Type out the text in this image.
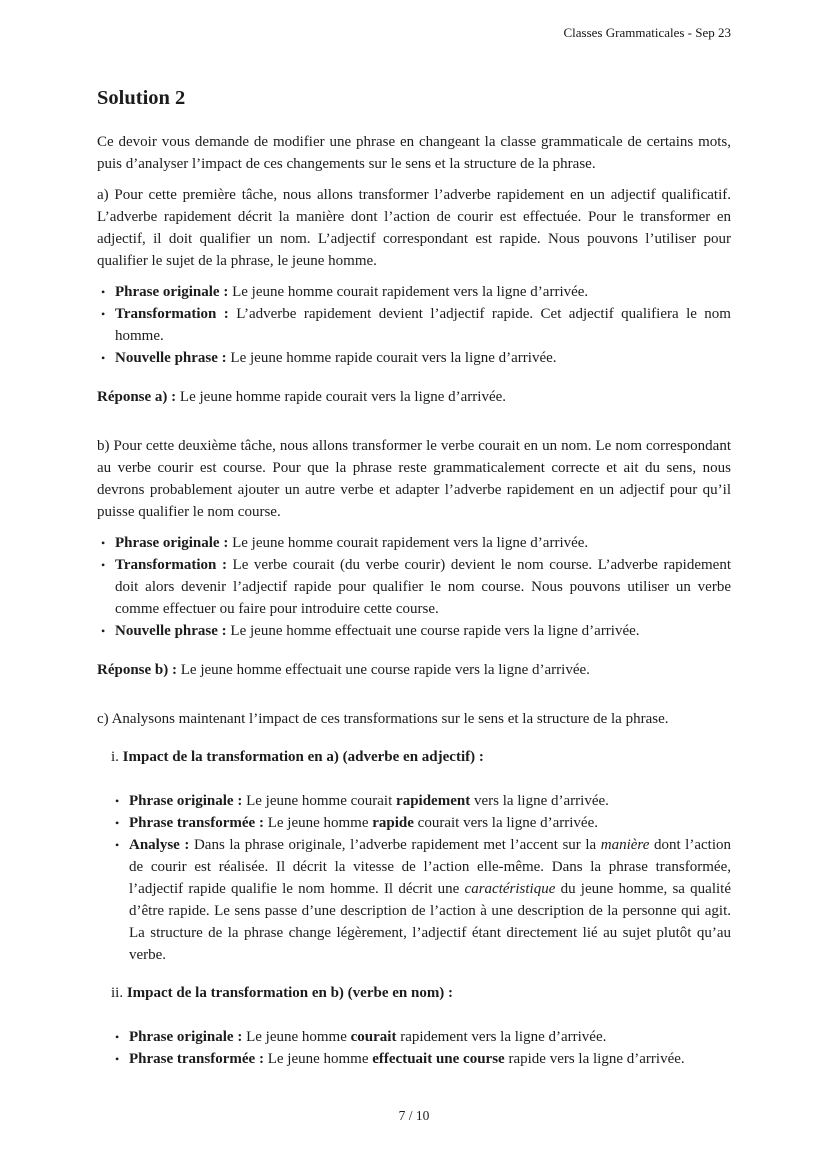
Classes Grammaticales - Sep 23
Solution 2

Ce devoir vous demande de modifier une phrase en changeant la classe grammaticale de certains mots, puis d’analyser l’impact de ces changements sur le sens et la structure de la phrase.

a) Pour cette première tâche, nous allons transformer l’adverbe rapidement en un adjectif qualificatif. L’adverbe rapidement décrit la manière dont l’action de courir est effectuée. Pour le transformer en adjectif, il doit qualifier un nom. L’adjectif correspondant est rapide. Nous pouvons l’utiliser pour qualifier le sujet de la phrase, le jeune homme.

• Phrase originale : Le jeune homme courait rapidement vers la ligne d’arrivée.
• Transformation : L’adverbe rapidement devient l’adjectif rapide. Cet adjectif qualifiera le nom homme.
• Nouvelle phrase : Le jeune homme rapide courait vers la ligne d’arrivée.

Réponse a) : Le jeune homme rapide courait vers la ligne d’arrivée.

b) Pour cette deuxième tâche, nous allons transformer le verbe courait en un nom. Le nom correspondant au verbe courir est course. Pour que la phrase reste grammaticalement correcte et ait du sens, nous devrons probablement ajouter un autre verbe et adapter l’adverbe rapidement en un adjectif pour qu’il puisse qualifier le nom course.

• Phrase originale : Le jeune homme courait rapidement vers la ligne d’arrivée.
• Transformation : Le verbe courait (du verbe courir) devient le nom course. L’adverbe rapidement doit alors devenir l’adjectif rapide pour qualifier le nom course. Nous pouvons utiliser un verbe comme effectuer ou faire pour introduire cette course.
• Nouvelle phrase : Le jeune homme effectuait une course rapide vers la ligne d’arrivée.

Réponse b) : Le jeune homme effectuait une course rapide vers la ligne d’arrivée.

c) Analysons maintenant l’impact de ces transformations sur le sens et la structure de la phrase.

i. Impact de la transformation en a) (adverbe en adjectif) :

• Phrase originale : Le jeune homme courait rapidement vers la ligne d’arrivée.
• Phrase transformée : Le jeune homme rapide courait vers la ligne d’arrivée.
• Analyse : Dans la phrase originale, l’adverbe rapidement met l’accent sur la manière dont l’action de courir est réalisée. Il décrit la vitesse de l’action elle-même. Dans la phrase transformée, l’adjectif rapide qualifie le nom homme. Il décrit une caractéristique du jeune homme, sa qualité d’être rapide. Le sens passe d’une description de l’action à une description de la personne qui agit. La structure de la phrase change légèrement, l’adjectif étant directement lié au sujet plutôt qu’au verbe.

ii. Impact de la transformation en b) (verbe en nom) :

• Phrase originale : Le jeune homme courait rapidement vers la ligne d’arrivée.
• Phrase transformée : Le jeune homme effectuait une course rapide vers la ligne d’arrivée.
7 / 10
